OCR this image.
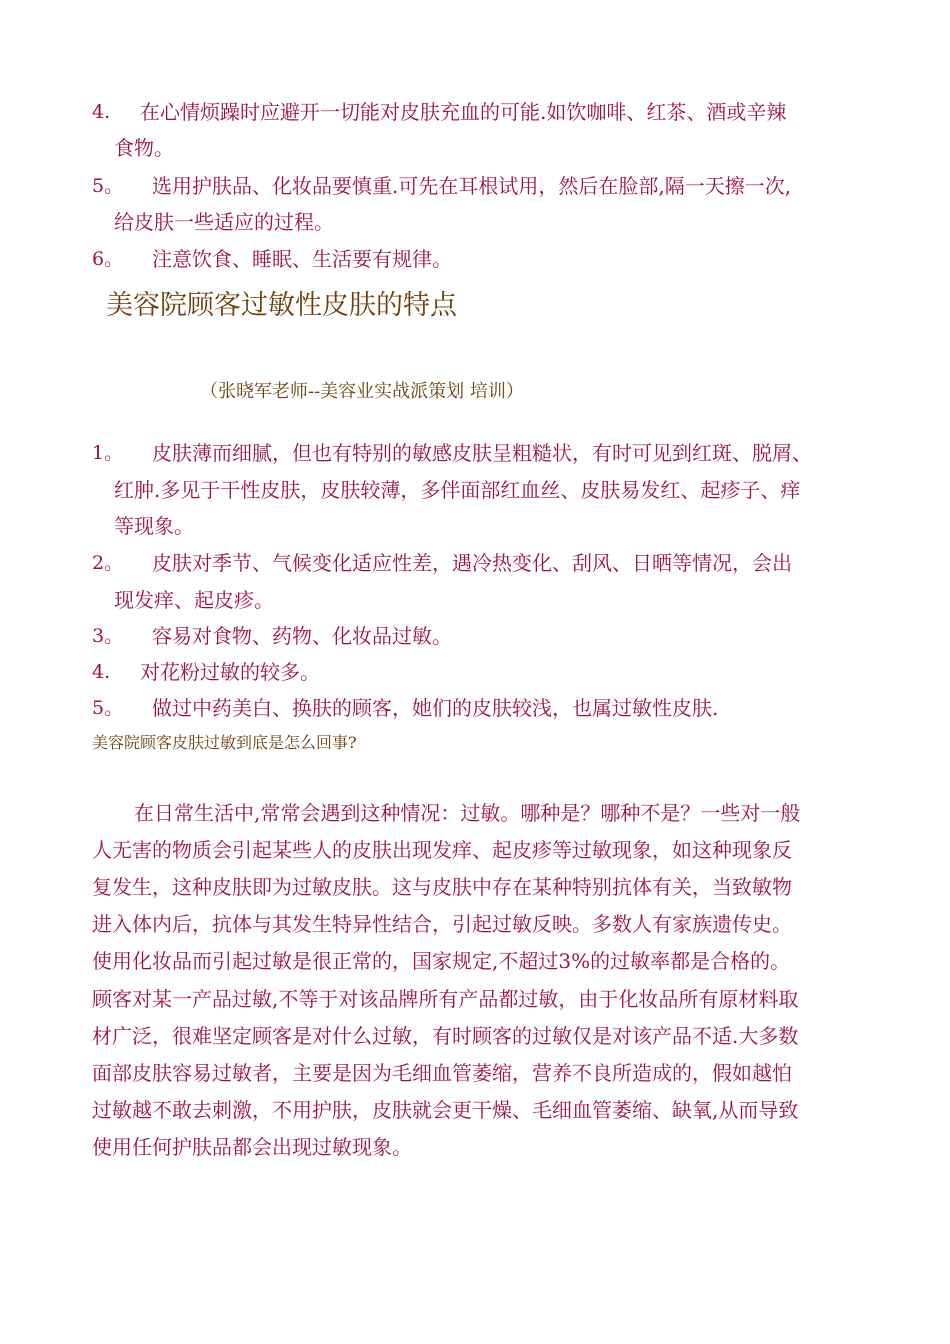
4. 在心情烦躁时应避开一切能对皮肤充血的可能.如饮咖啡、红茶、酒或辛辣
食物。
5。 选用护肤品、化妆品要慎重.可先在耳根试用，然后在脸部,隔一天擦一次,
给皮肤一些适应的过程。
6。 注意饮食、睡眠、生活要有规律。
美容院顾客过敏性皮肤的特点
（张晓军老师--美容业实战派策划 培训）
1。 皮肤薄而细腻，但也有特别的敏感皮肤呈粗糙状，有时可见到红斑、脱屑、
红肿.多见于干性皮肤，皮肤较薄，多伴面部红血丝、皮肤易发红、起疹子、痒
等现象。
2。 皮肤对季节、气候变化适应性差，遇冷热变化、刮风、日晒等情况，会出
现发痒、起皮疹。
3。 容易对食物、药物、化妆品过敏。
4. 对花粉过敏的较多。
5。 做过中药美白、换肤的顾客，她们的皮肤较浅，也属过敏性皮肤.
美容院顾客皮肤过敏到底是怎么回事?
在日常生活中,常常会遇到这种情况：过敏。哪种是？哪种不是？一些对一般
人无害的物质会引起某些人的皮肤出现发痒、起皮疹等过敏现象，如这种现象反
复发生，这种皮肤即为过敏皮肤。这与皮肤中存在某种特别抗体有关，当致敏物
进入体内后，抗体与其发生特异性结合，引起过敏反映。多数人有家族遗传史。
使用化妆品而引起过敏是很正常的，国家规定,不超过3%的过敏率都是合格的。
顾客对某一产品过敏,不等于对该品牌所有产品都过敏，由于化妆品所有原材料取
材广泛，很难坚定顾客是对什么过敏，有时顾客的过敏仅是对该产品不适.大多数
面部皮肤容易过敏者，主要是因为毛细血管萎缩，营养不良所造成的，假如越怕
过敏越不敢去刺激，不用护肤，皮肤就会更干燥、毛细血管萎缩、缺氧,从而导致
使用任何护肤品都会出现过敏现象。
